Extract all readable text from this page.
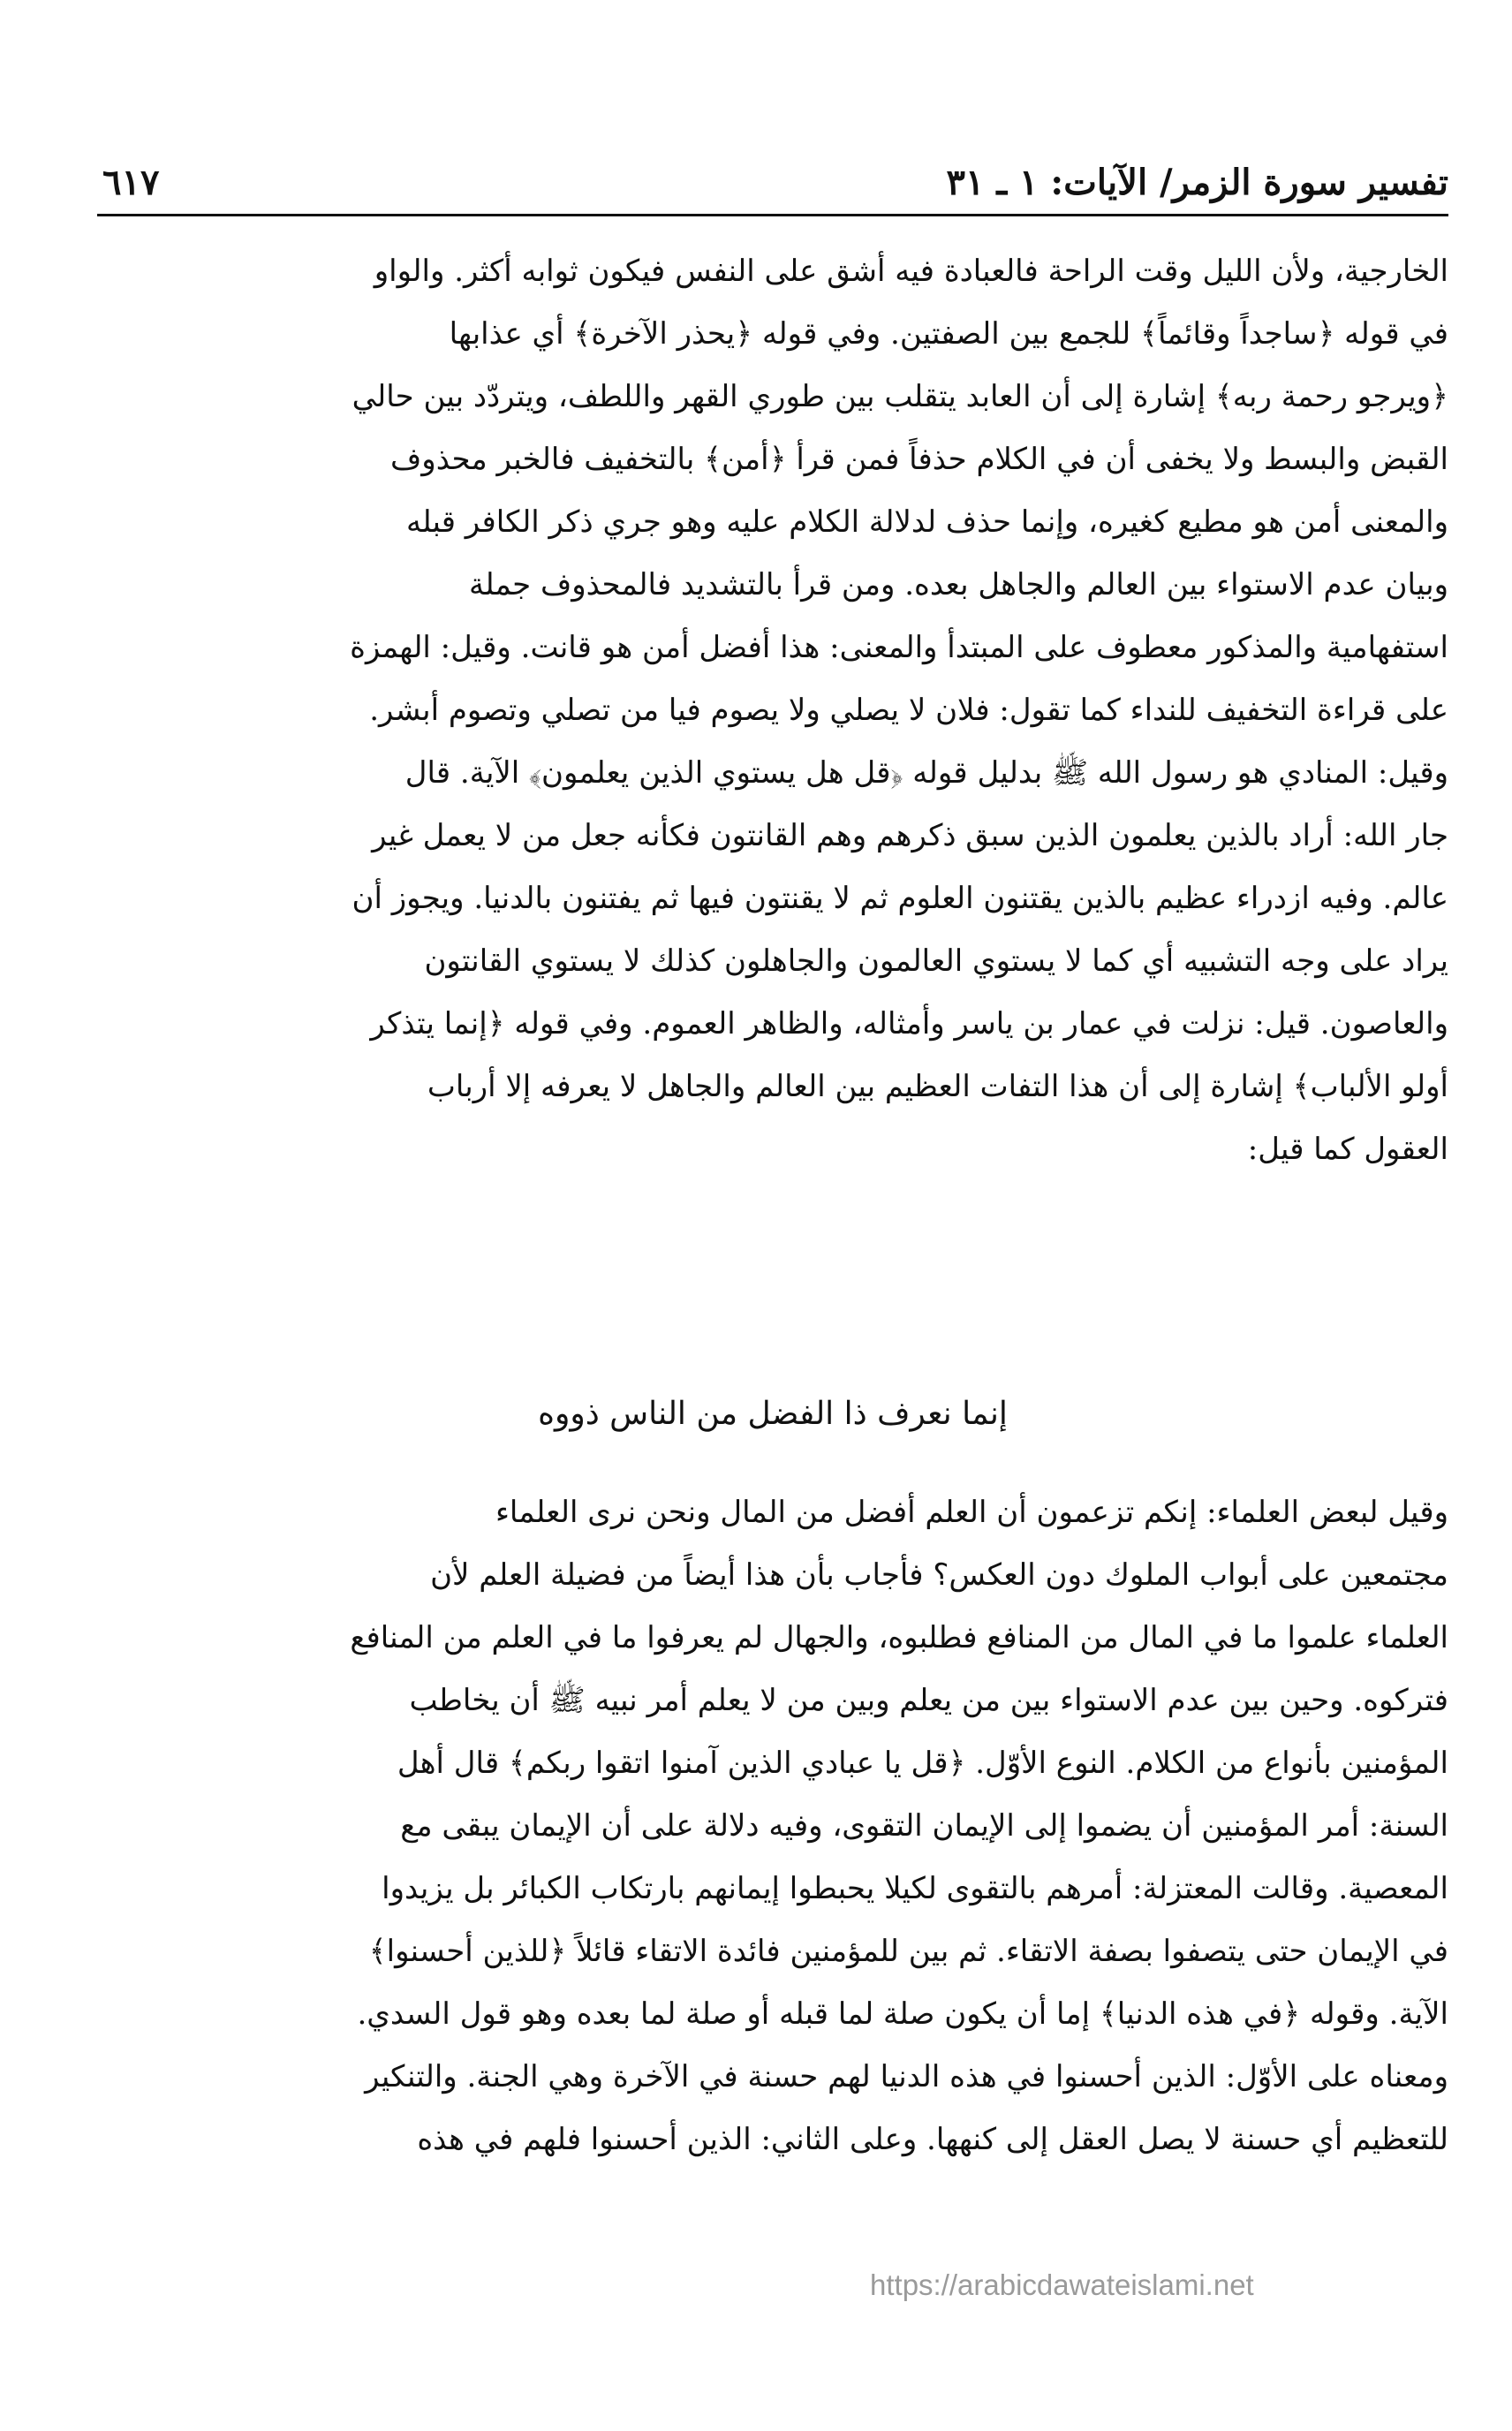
تفسير سورة الزمر/ الآيات: ١ ـ ٣١
٦١٧
الخارجية، ولأن الليل وقت الراحة فالعبادة فيه أشق على النفس فيكون ثوابه أكثر. والواو
في قوله ﴿ساجداً وقائماً﴾ للجمع بين الصفتين. وفي قوله ﴿يحذر الآخرة﴾ أي عذابها
﴿ويرجو رحمة ربه﴾ إشارة إلى أن العابد يتقلب بين طوري القهر واللطف، ويتردّد بين حالي
القبض والبسط ولا يخفى أن في الكلام حذفاً فمن قرأ ﴿أمن﴾ بالتخفيف فالخبر محذوف
والمعنى أمن هو مطيع كغيره، وإنما حذف لدلالة الكلام عليه وهو جري ذكر الكافر قبله
وبيان عدم الاستواء بين العالم والجاهل بعده. ومن قرأ بالتشديد فالمحذوف جملة
استفهامية والمذكور معطوف على المبتدأ والمعنى: هذا أفضل أمن هو قانت. وقيل: الهمزة
على قراءة التخفيف للنداء كما تقول: فلان لا يصلي ولا يصوم فيا من تصلي وتصوم أبشر.
وقيل: المنادي هو رسول الله ﷺ بدليل قوله ﴿قل هل يستوي الذين يعلمون﴾ الآية. قال
جار الله: أراد بالذين يعلمون الذين سبق ذكرهم وهم القانتون فكأنه جعل من لا يعمل غير
عالم. وفيه ازدراء عظيم بالذين يقتنون العلوم ثم لا يقنتون فيها ثم يفتنون بالدنيا. ويجوز أن
يراد على وجه التشبيه أي كما لا يستوي العالمون والجاهلون كذلك لا يستوي القانتون
والعاصون. قيل: نزلت في عمار بن ياسر وأمثاله، والظاهر العموم. وفي قوله ﴿إنما يتذكر
أولو الألباب﴾ إشارة إلى أن هذا التفات العظيم بين العالم والجاهل لا يعرفه إلا أرباب
العقول كما قيل:
إنما نعرف ذا الفضل من الناس ذووه
وقيل لبعض العلماء: إنكم تزعمون أن العلم أفضل من المال ونحن نرى العلماء
مجتمعين على أبواب الملوك دون العكس؟ فأجاب بأن هذا أيضاً من فضيلة العلم لأن
العلماء علموا ما في المال من المنافع فطلبوه، والجهال لم يعرفوا ما في العلم من المنافع
فتركوه. وحين بين عدم الاستواء بين من يعلم وبين من لا يعلم أمر نبيه ﷺ أن يخاطب
المؤمنين بأنواع من الكلام. النوع الأوّل. ﴿قل يا عبادي الذين آمنوا اتقوا ربكم﴾ قال أهل
السنة: أمر المؤمنين أن يضموا إلى الإيمان التقوى، وفيه دلالة على أن الإيمان يبقى مع
المعصية. وقالت المعتزلة: أمرهم بالتقوى لكيلا يحبطوا إيمانهم بارتكاب الكبائر بل يزيدوا
في الإيمان حتى يتصفوا بصفة الاتقاء. ثم بين للمؤمنين فائدة الاتقاء قائلاً ﴿للذين أحسنوا﴾
الآية. وقوله ﴿في هذه الدنيا﴾ إما أن يكون صلة لما قبله أو صلة لما بعده وهو قول السدي.
ومعناه على الأوّل: الذين أحسنوا في هذه الدنيا لهم حسنة في الآخرة وهي الجنة. والتنكير
للتعظيم أي حسنة لا يصل العقل إلى كنهها. وعلى الثاني: الذين أحسنوا فلهم في هذه
https://arabicdawateislami.net
